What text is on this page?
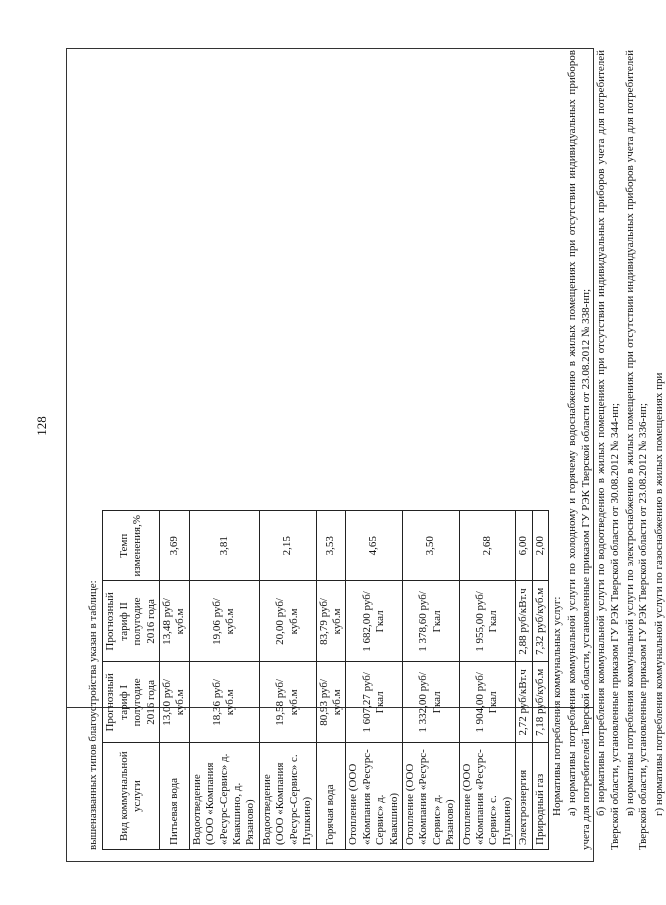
128

вышеназванных типов благоустройства указан в таблице: Вид коммунальной услуги	Прогнозный тариф I полугодие 2016 года	Прогнозный тариф II полугодие 2016 года	Темп изменения,%
Питьевая вода	13,00 руб/куб.м	13,48 руб/куб.м	3,69
Водоотведение (ООО «Компания «Ресурс-Сервис» д. Квакшино, д. Рязаново)	18,36 руб/куб.м	19,06 руб/куб.м	3,81
Водоотведение (ООО «Компания «Ресурс-Сервис» с. Пушкино)	19,58 руб/куб.м	20,00 руб/куб.м	2,15
Горячая вода	80,93 руб/куб.м	83,79 руб/куб.м	3,53
Отопление (ООО «Компания «Ресурс-Сервис» д. Квакшино)	1 607,27 руб/Гкал	1 682,00 руб/Гкал	4,65
Отопление (ООО «Компания «Ресурс-Сервис» д. Рязаново)	1 332,00 руб/Гкал	1 378,60 руб/Гкал	3,50
Отопление (ООО «Компания «Ресурс-Сервис» с. Пушкино)	1 904,00 руб/Гкал	1 955,00 руб/Гкал	2,68
Электроэнергия	2,72 руб/кВт.ч	2,88 руб/кВт.ч	6,00
Природный газ	7,18 руб/куб.м	7,32 руб/куб.м	2,00

Нормативы потребления коммунальных услуг: а) нормативы потребления коммунальной услуги по холодному и горячему водоснабжению в жилых помещениях при отсутствии индивидуальных приборов учета для потребителей Тверской области, установленные приказом ГУ РЭК Тверской области от 23.08.2012 № 338-нп; б) нормативы потребления коммунальной услуги по водоотведению в жилых помещениях при отсутствии индивидуальных приборов учета для потребителей Тверской области, установленные приказом ГУ РЭК Тверской области от 30.08.2012 № 344-нп; в) нормативы потребления коммунальной услуги по электроснабжению в жилых помещениях при отсутствии индивидуальных приборов учета для потребителей Тверской области, установленные приказом ГУ РЭК Тверской области от 23.08.2012 № 336-нп; г) нормативы потребления коммунальной услуги по газоснабжению в жилых помещениях при
